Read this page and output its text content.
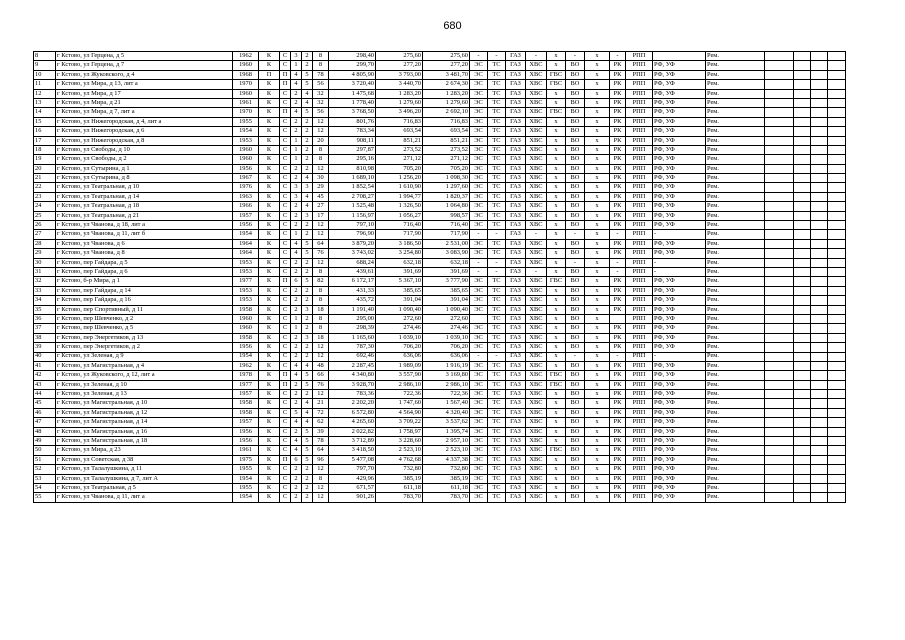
680
8	г Кстово, ул Герцена, д 5	1962	К	С	3	2	8	298,40	275,60	275,60	-	-	ГАЗ	-	х	-	х	-	РПП		Рем.				
9	г Кстово, ул Герцена, д 7	1960	К	С	1	2	8	299,70	277,20	277,20	ЭС	ТС	ГАЗ	ХВС	х	ВО	х	РК	РПП	РФ, УФ	Рем.				
10	г Кстово, ул Жуковского, д 4	1968	П	П	4	5	78	4 805,90	3 793,00	3 481,70	ЭС	ТС	ГАЗ	ХВС	ГВС	ВО	х	РК	РПП	РФ, УФ	Рем.				
11	г Кстово, ул Мира, д 13, лит а	1970	К	П	4	5	56	3 720,40	3 440,70	2 674,30	ЭС	ТС	ГАЗ	ХВС	ГВС	ВО	х	РК	РПП	РФ, УФ	Рем.				
12	г Кстово, ул Мира, д 17	1960	К	С	2	4	32	1 475,68	1 283,20	1 283,20	ЭС	ТС	ГАЗ	ХВС	х	ВО	х	РК	РПП	РФ, УФ	Рем.				
13	г Кстово, ул Мира, д 21	1961	К	С	2	4	32	1 778,40	1 279,60	1 279,60	ЭС	ТС	ГАЗ	ХВС	х	ВО	х	РК	РПП	РФ, УФ	Рем.				
14	г Кстово, ул Мира, д 7, лит а	1970	К	П	4	5	56	3 768,50	3 496,20	2 692,10	ЭС	ТС	ГАЗ	ХВС	ГВС	ВО	х	РК	РПП	РФ, УФ	Рем.				
15	г Кстово, ул Нижегородская, д 4, лит а	1955	К	С	2	2	12	801,76	716,83	716,83	ЭС	ТС	ГАЗ	ХВС	х	ВО	х	РК	РПП	РФ, УФ	Рем.				
16	г Кстово, ул Нижегородская, д 6	1954	К	С	2	2	12	783,34	693,54	693,54	ЭС	ТС	ГАЗ	ХВС	х	ВО	х	РК	РПП	РФ, УФ	Рем.				
17	г Кстово, ул Нижегородская, д 8	1953	К	С	1	2	20	908,11	851,21	851,21	ЭС	ТС	ГАЗ	ХВС	х	ВО	х	РК	РПП	РФ, УФ	Рем.				
18	г Кстово, ул Свободы, д 10	1960	К	С	1	2	8	297,87	273,52	273,52	ЭС	ТС	ГАЗ	ХВС	х	ВО	х	РК	РПП	РФ, УФ	Рем.				
19	г Кстово, ул Свободы, д 2	1960	К	С	1	2	8	295,16	271,12	271,12	ЭС	ТС	ГАЗ	ХВС	х	ВО	х	РК	РПП	РФ, УФ	Рем.				
20	г Кстово, ул Сутырина, д 1	1956	К	С	2	2	12	810,98	705,20	705,20	ЭС	ТС	ГАЗ	ХВС	х	ВО	х	РК	РПП	РФ, УФ	Рем.				
21	г Кстово, ул Сутырина, д 8	1967	К	С	2	4	30	1 689,10	1 256,20	1 098,30	ЭС	ТС	ГАЗ	ХВС	х	ВО	х	РК	РПП	РФ, УФ	Рем.				
22	г Кстово, ул Театральная, д 10	1976	К	С	3	3	29	1 852,54	1 610,90	1 297,60	ЭС	ТС	ГАЗ	ХВС	х	ВО	х	РК	РПП	РФ, УФ	Рем.				
23	г Кстово, ул Театральная, д 14	1963	К	С	3	4	45	2 708,27	1 994,77	1 820,37	ЭС	ТС	ГАЗ	ХВС	х	ВО	х	РК	РПП	РФ, УФ	Рем.				
24	г Кстово, ул Театральная, д 18	1966	К	С	2	4	27	1 525,48	1 326,50	1 064,80	ЭС	ТС	ГАЗ	ХВС	х	ВО	х	РК	РПП	РФ, УФ	Рем.				
25	г Кстово, ул Театральная, д 21	1957	К	С	2	3	17	1 156,97	1 056,27	998,57	ЭС	ТС	ГАЗ	ХВС	х	ВО	х	РК	РПП	РФ, УФ	Рем.				
26	г Кстово, ул Чванова, д 18, лит а	1956	К	С	2	2	12	797,10	716,40	716,40	ЭС	ТС	ГАЗ	ХВС	х	ВО	х	РК	РПП	РФ, УФ	Рем.				
27	г Кстово, ул Чванова, д 11, лит б	1954	К	С	1	2	12	796,90	717,90	717,90	-	-	ГАЗ	-	х	-	х	-	РПП	-	Рем.				
28	г Кстово, ул Чванова, д 6	1964	К	С	4	5	64	3 879,20	3 186,50	2 531,00	ЭС	ТС	ГАЗ	ХВС	х	ВО	х	РК	РПП	РФ, УФ	Рем.				
29	г Кстово, ул Чванова, д 8	1964	К	С	4	5	76	3 743,02	3 254,80	3 083,90	ЭС	ТС	ГАЗ	ХВС	х	ВО	х	РК	РПП	РФ, УФ	Рем.				
30	г Кстово, пер Гайдара, д 5	1953	К	С	2	2	12	688,24	632,18	632,18	-	-	ГАЗ	ХВС	х	-	х	-	РПП	-	Рем.				
31	г Кстово, пер Гайдара, д 6	1953	К	С	2	2	8	439,61	391,69	391,69	-	-	ГАЗ	-	х	ВО	х	-	РПП	-	Рем.				
32	г Кстово, б-р Мира, д 1	1977	К	П	6	5	82	6 172,17	5 367,10	3 777,90	ЭС	ТС	ГАЗ	ХВС	ГВС	ВО	х	РК	РПП	РФ, УФ	Рем.				
33	г Кстово, пер Гайдара, д 14	1953	К	С	2	2	8	431,33	385,65	385,65	ЭС	ТС	ГАЗ	ХВС	х	ВО	х	РК	РПП	РФ, УФ	Рем.				
34	г Кстово, пер Гайдара, д 16	1953	К	С	2	2	8	435,72	391,04	391,04	ЭС	ТС	ГАЗ	ХВС	х	ВО	х	РК	РПП	РФ, УФ	Рем.				
35	г Кстово, пер Спортивный, д 11	1958	К	С	2	3	18	1 191,40	1 090,40	1 090,40	ЭС	ТС	ГАЗ	ХВС	х	ВО	х	РК	РПП	РФ, УФ	Рем.				
36	г Кстово, пер Шевченко, д 2	1960	К	С	1	2	8	295,00	272,60	272,60		ТС	ГАЗ	ХВС	х	ВО	х		РПП	РФ, УФ	Рем.				
37	г Кстово, пер Шевченко, д 5	1960	К	С	1	2	8	298,39	274,46	274,46	ЭС	ТС	ГАЗ	ХВС	х	ВО	х	РК	РПП	РФ, УФ	Рем.				
38	г Кстово, пер Энергетиков, д 13	1958	К	С	2	3	18	1 165,60	1 039,10	1 039,10	ЭС	ТС	ГАЗ	ХВС	х	ВО	х	РК	РПП	РФ, УФ	Рем.				
39	г Кстово, пер Энергетиков, д 2	1956	К	С	2	2	12	787,30	706,20	706,20	ЭС	ТС	ГАЗ	ХВС	х	ВО	х	РК	РПП	РФ, УФ	Рем.				
40	г Кстово, ул Зеленая, д 9	1954	К	С	2	2	12	692,46	636,06	636,06	-	-	ГАЗ	ХВС	х	-	х	-	РПП	-	Рем.				
41	г Кстово, ул Магистральная, д 4	1962	К	С	4	4	48	2 287,45	1 989,09	1 916,19	ЭС	ТС	ГАЗ	ХВС	х	ВО	х	РК	РПП	РФ, УФ	Рем.				
42	г Кстово, ул Жуковского, д 12, лит а	1978	К	П	4	5	66	4 340,80	3 557,90	3 169,80	ЭС	ТС	ГАЗ	ХВС	ГВС	ВО	х	РК	РПП	РФ, УФ	Рем.				
43	г Кстово, ул Зеленая, д 10	1977	К	П	2	5	76	3 928,70	2 986,10	2 986,10	ЭС	ТС	ГАЗ	ХВС	ГВС	ВО	х	РК	РПП	РФ, УФ	Рем.				
44	г Кстово, ул Зеленая, д 13	1957	К	С	2	2	12	783,36	722,36	722,36	ЭС	ТС	ГАЗ	ХВС	х	ВО	х	РК	РПП	РФ, УФ	Рем.				
45	г Кстово, ул Магистральная, д 10	1958	К	С	2	4	21	2 202,20	1 747,60	1 567,40	ЭС	ТС	ГАЗ	ХВС	х	ВО	х	РК	РПП	РФ, УФ	Рем.				
46	г Кстово, ул Магистральная, д 12	1958	К	С	5	4	72	6 572,80	4 564,90	4 320,40	ЭС	ТС	ГАЗ	ХВС	х	ВО	х	РК	РПП	РФ, УФ	Рем.				
47	г Кстово, ул Магистральная, д 14	1957	К	С	4	4	62	4 265,60	3 709,22	3 537,62	ЭС	ТС	ГАЗ	ХВС	х	ВО	х	РК	РПП	РФ, УФ	Рем.				
48	г Кстово, ул Магистральная, д 16	1956	К	С	2	5	39	2 022,82	1 758,97	1 395,74	ЭС	ТС	ГАЗ	ХВС	х	ВО	х	РК	РПП	РФ, УФ	Рем.				
49	г Кстово, ул Магистральная, д 18	1956	К	С	4	5	78	3 712,89	3 228,60	2 957,10	ЭС	ТС	ГАЗ	ХВС	х	ВО	х	РК	РПП	РФ, УФ	Рем.				
50	г Кстово, ул Мира, д 23	1961	К	С	4	5	64	3 418,50	2 523,10	2 523,10	ЭС	ТС	ГАЗ	ХВС	ГВС	ВО	х	РК	РПП	РФ, УФ	Рем.				
51	г Кстово, ул Советская, д 38	1975	К	П	6	5	96	5 477,08	4 762,68	4 337,38	ЭС	ТС	ГАЗ	ХВС	х	ВО	х	РК	РПП	РФ, УФ	Рем.				
52	г Кстово, ул Талалушкина, д 11	1955	К	С	2	2	12	797,70	732,80	732,80	ЭС	ТС	ГАЗ	ХВС	х	ВО	х	РК	РПП	РФ, УФ	Рем.				
53	г Кстово, ул Талалушкина, д 7, лит А	1954	К	С	2	2	8	429,96	385,19	385,19	ЭС	ТС	ГАЗ	ХВС	х	ВО	х	РК	РПП	РФ, УФ	Рем.				
54	г Кстово, ул Театральная, д 5	1955	К	С	2	2	12	671,57	611,18	611,18	ЭС	ТС	ГАЗ	ХВС	х	ВО	х	РК	РПП	РФ, УФ	Рем.				
55	г Кстово, ул Чванова, д 11, лит а	1954	К	С	2	2	12	901,26	783,70	783,70	ЭС	ТС	ГАЗ	ХВС	х	ВО	х	РК	РПП	РФ, УФ	Рем.				
